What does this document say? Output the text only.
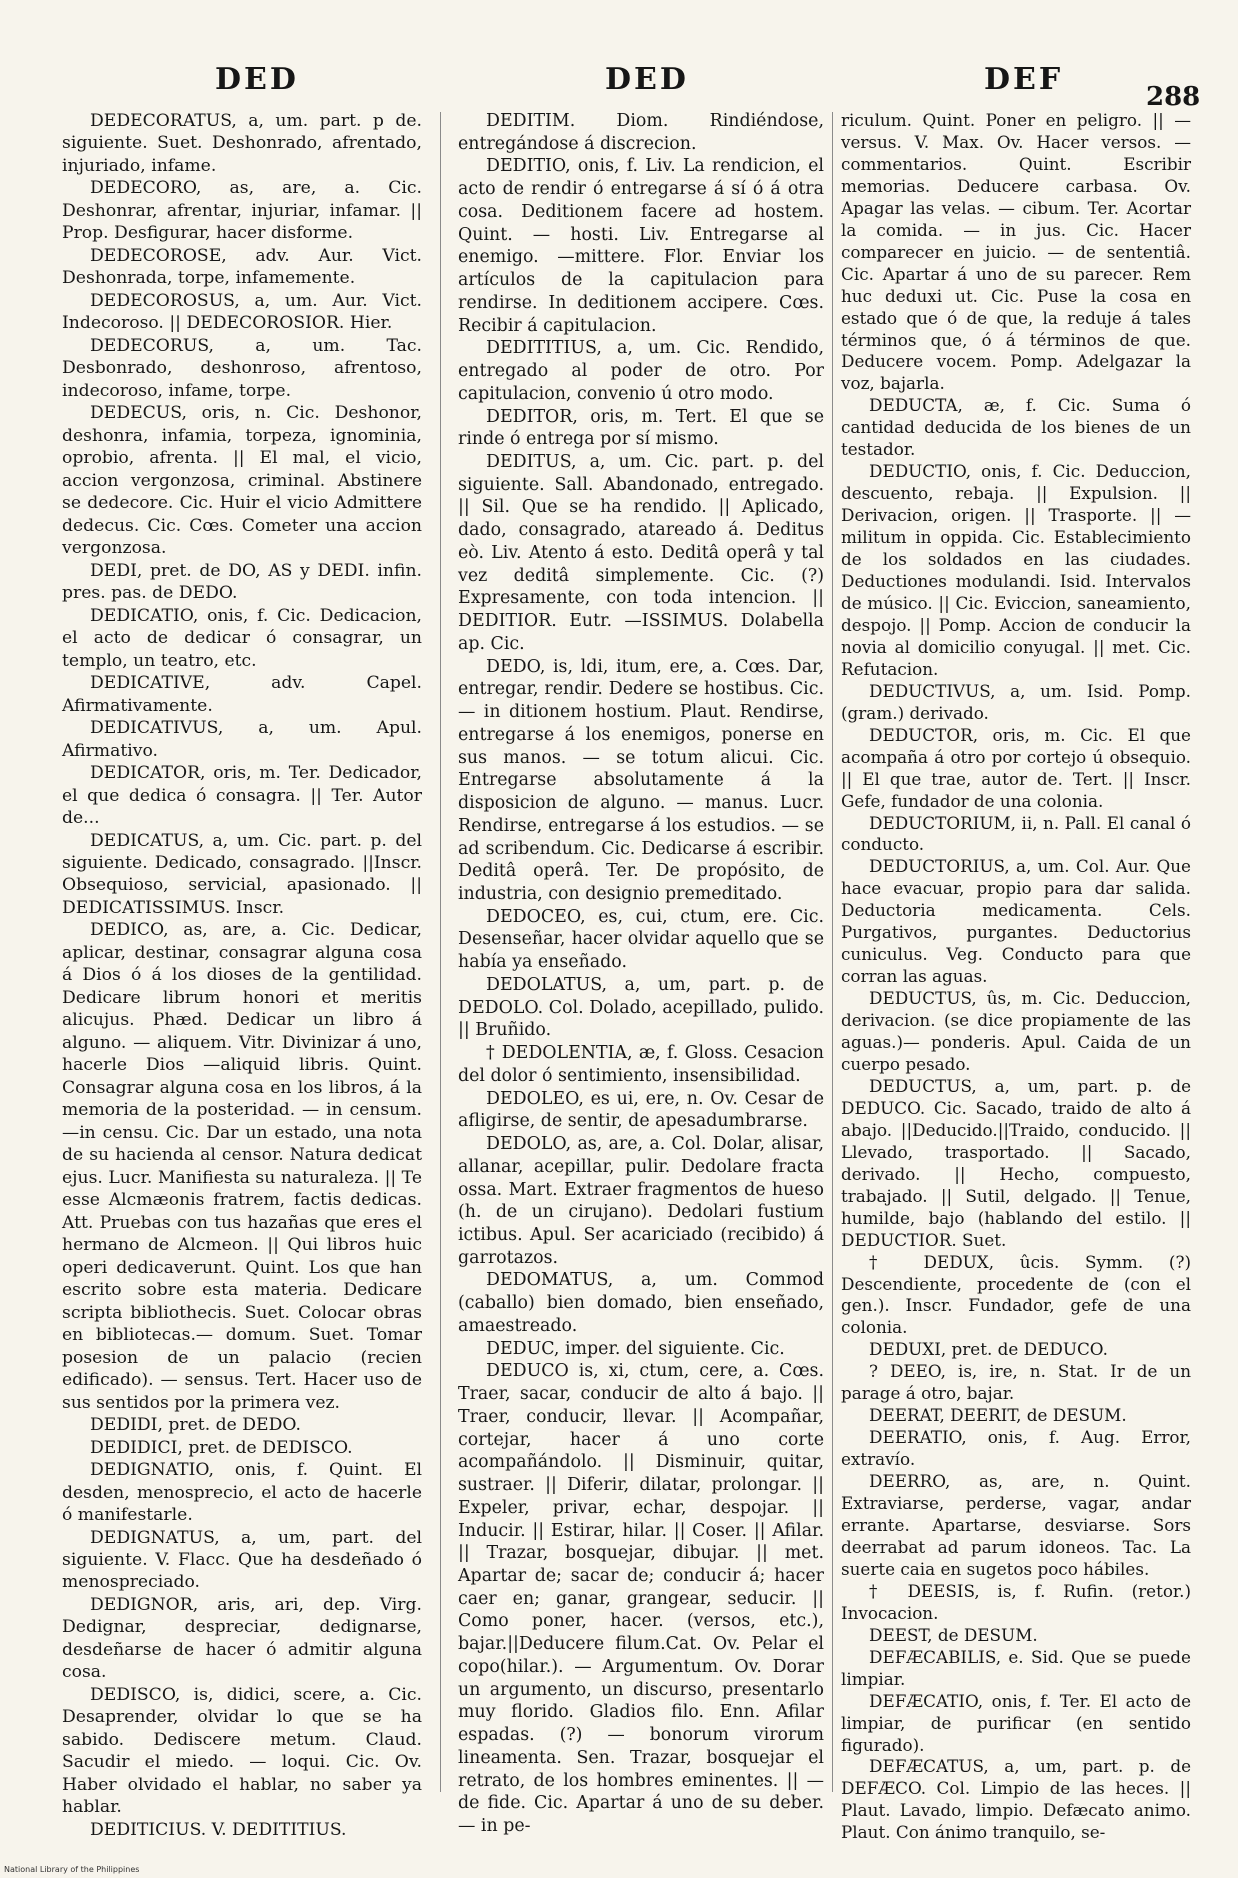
DED	DED	DEF	288

DEDECORATUS, a, um. part. p de. siguiente. Suet. Deshonrado, afrentado, injuriado, infame.

DEDECORO, as, are, a. Cic. Deshonrar, afrentar, injuriar, infamar. || Prop. Desfigurar, hacer disforme.

DEDECOROSE, adv. Aur. Vict. Deshonrada, torpe, infamemente.

DEDECOROSUS, a, um. Aur. Vict. Indecoroso. || DEDECOROSIOR. Hier.

DEDECORUS, a, um. Tac. Desbonrado, deshonroso, afrentoso, indecoroso, infame, torpe.

DEDECUS, oris, n. Cic. Deshonor, deshonra, infamia, torpeza, ignominia, oprobio, afrenta. || El mal, el vicio, accion vergonzosa, criminal. Abstinere se dedecore. Cic. Huir el vicio Admittere dedecus. Cic. Cœs. Cometer una accion vergonzosa.

DEDI, pret. de DO, AS y DEDI. infin. pres. pas. de DEDO.

DEDICATIO, onis, f. Cic. Dedicacion, el acto de dedicar ó consagrar, un templo, un teatro, etc.

DEDICATIVE, adv. Capel. Afirmativamente.

DEDICATIVUS, a, um. Apul. Afirmativo.

DEDICATOR, oris, m. Ter. Dedicador, el que dedica ó consagra. || Ter. Autor de...

DEDICATUS, a, um. Cic. part. p. del siguiente. Dedicado, consagrado. ||Inscr. Obsequioso, servicial, apasionado. || DEDICATISSIMUS. Inscr.

DEDICO, as, are, a. Cic. Dedicar, aplicar, destinar, consagrar alguna cosa á Dios ó á los dioses de la gentilidad. Dedicare librum honori et meritis alicujus. Phæd. Dedicar un libro á alguno. — aliquem. Vitr. Divinizar á uno, hacerle Dios —aliquid libris. Quint. Consagrar alguna cosa en los libros, á la memoria de la posteridad. — in censum. —in censu. Cic. Dar un estado, una nota de su hacienda al censor. Natura dedicat ejus. Lucr. Manifiesta su naturaleza. || Te esse Alcmæonis fratrem, factis dedicas. Att. Pruebas con tus hazañas que eres el hermano de Alcmeon. || Qui libros huic operi dedicaverunt. Quint. Los que han escrito sobre esta materia. Dedicare scripta bibliothecis. Suet. Colocar obras en bibliotecas.— domum. Suet. Tomar posesion de un palacio (recien edificado). — sensus. Tert. Hacer uso de sus sentidos por la primera vez.

DEDIDI, pret. de DEDO.

DEDIDICI, pret. de DEDISCO.

DEDIGNATIO, onis, f. Quint. El desden, menosprecio, el acto de hacerle ó manifestarle.

DEDIGNATUS, a, um, part. del siguiente. V. Flacc. Que ha desdeñado ó menospreciado.

DEDIGNOR, aris, ari, dep. Virg. Dedignar, despreciar, dedignarse, desdeñarse de hacer ó admitir alguna cosa.

DEDISCO, is, didici, scere, a. Cic. Desaprender, olvidar lo que se ha sabido. Dediscere metum. Claud. Sacudir el miedo. — loqui. Cic. Ov. Haber olvidado el hablar, no saber ya hablar.

DEDITICIUS. V. DEDITITIUS.

DEDITIM. Diom. Rindiéndose, entregándose á discrecion.

DEDITIO, onis, f. Liv. La rendicion, el acto de rendir ó entregarse á sí ó á otra cosa. Deditionem facere ad hostem. Quint. — hosti. Liv. Entregarse al enemigo. —mittere. Flor. Enviar los artículos de la capitulacion para rendirse. In deditionem accipere. Cœs. Recibir á capitulacion.

DEDITITIUS, a, um. Cic. Rendido, entregado al poder de otro. Por capitulacion, convenio ú otro modo.

DEDITOR, oris, m. Tert. El que se rinde ó entrega por sí mismo.

DEDITUS, a, um. Cic. part. p. del siguiente. Sall. Abandonado, entregado. || Sil. Que se ha rendido. || Aplicado, dado, consagrado, atareado á. Deditus eò. Liv. Atento á esto. Deditâ operâ y tal vez deditâ simplemente. Cic. (?) Expresamente, con toda intencion. || DEDITIOR. Eutr. —ISSIMUS. Dolabella ap. Cic.

DEDO, is, ldi, itum, ere, a. Cœs. Dar, entregar, rendir. Dedere se hostibus. Cic. — in ditionem hostium. Plaut. Rendirse, entregarse á los enemigos, ponerse en sus manos. — se totum alicui. Cic. Entregarse absolutamente á la disposicion de alguno. — manus. Lucr. Rendirse, entregarse á los estudios. — se ad scribendum. Cic. Dedicarse á escribir. Deditâ operâ. Ter. De propósito, de industria, con designio premeditado.

DEDOCEO, es, cui, ctum, ere. Cic. Desenseñar, hacer olvidar aquello que se había ya enseñado.

DEDOLATUS, a, um, part. p. de DEDOLO. Col. Dolado, acepillado, pulido. || Bruñido.

† DEDOLENTIA, æ, f. Gloss. Cesacion del dolor ó sentimiento, insensibilidad.

DEDOLEO, es ui, ere, n. Ov. Cesar de afligirse, de sentir, de apesadumbrarse.

DEDOLO, as, are, a. Col. Dolar, alisar, allanar, acepillar, pulir. Dedolare fracta ossa. Mart. Extraer fragmentos de hueso (h. de un cirujano). Dedolari fustium ictibus. Apul. Ser acariciado (recibido) á garrotazos.

DEDOMATUS, a, um. Commod (caballo) bien domado, bien enseñado, amaestreado.

DEDUC, imper. del siguiente. Cic.

DEDUCO is, xi, ctum, cere, a. Cœs. Traer, sacar, conducir de alto á bajo. || Traer, conducir, llevar. || Acompañar, cortejar, hacer á uno corte acompañándolo. || Disminuir, quitar, sustraer. || Diferir, dilatar, prolongar. || Expeler, privar, echar, despojar. || Inducir. || Estirar, hilar. || Coser. || Afilar. || Trazar, bosquejar, dibujar. || met. Apartar de; sacar de; conducir á; hacer caer en; ganar, grangear, seducir. || Como poner, hacer. (versos, etc.), bajar.||Deducere filum.Cat. Ov. Pelar el copo(hilar.). — Argumentum. Ov. Dorar un argumento, un discurso, presentarlo muy florido. Gladios filo. Enn. Afilar espadas. (?) — bonorum virorum lineamenta. Sen. Trazar, bosquejar el retrato, de los hombres eminentes. || — de fide. Cic. Apartar á uno de su deber. — in pe-

riculum. Quint. Poner en peligro. || — versus. V. Max. Ov. Hacer versos. — commentarios. Quint. Escribir memorias. Deducere carbasa. Ov. Apagar las velas. — cibum. Ter. Acortar la comida. — in jus. Cic. Hacer comparecer en juicio. — de sententiâ. Cic. Apartar á uno de su parecer. Rem huc deduxi ut. Cic. Puse la cosa en estado que ó de que, la reduje á tales términos que, ó á términos de que. Deducere vocem. Pomp. Adelgazar la voz, bajarla.

DEDUCTA, æ, f. Cic. Suma ó cantidad deducida de los bienes de un testador.

DEDUCTIO, onis, f. Cic. Deduccion, descuento, rebaja. || Expulsion. || Derivacion, origen. || Trasporte. || — militum in oppida. Cic. Establecimiento de los soldados en las ciudades. Deductiones modulandi. Isid. Intervalos de músico. || Cic. Eviccion, saneamiento, despojo. || Pomp. Accion de conducir la novia al domicilio conyugal. || met. Cic. Refutacion.

DEDUCTIVUS, a, um. Isid. Pomp. (gram.) derivado.

DEDUCTOR, oris, m. Cic. El que acompaña á otro por cortejo ú obsequio. || El que trae, autor de. Tert. || Inscr. Gefe, fundador de una colonia.

DEDUCTORIUM, ii, n. Pall. El canal ó conducto.

DEDUCTORIUS, a, um. Col. Aur. Que hace evacuar, propio para dar salida. Deductoria medicamenta. Cels. Purgativos, purgantes. Deductorius cuniculus. Veg. Conducto para que corran las aguas.

DEDUCTUS, ûs, m. Cic. Deduccion, derivacion. (se dice propiamente de las aguas.)— ponderis. Apul. Caida de un cuerpo pesado.

DEDUCTUS, a, um, part. p. de DEDUCO. Cic. Sacado, traido de alto á abajo. ||Deducido.||Traido, conducido. || Llevado, trasportado. || Sacado, derivado. || Hecho, compuesto, trabajado. || Sutil, delgado. || Tenue, humilde, bajo (hablando del estilo. || DEDUCTIOR. Suet.

† DEDUX, ûcis. Symm. (?) Descendiente, procedente de (con el gen.). Inscr. Fundador, gefe de una colonia.

DEDUXI, pret. de DEDUCO.

? DEEO, is, ire, n. Stat. Ir de un parage á otro, bajar.

DEERAT, DEERIT, de DESUM.

DEERATIO, onis, f. Aug. Error, extravío.

DEERRO, as, are, n. Quint. Extraviarse, perderse, vagar, andar errante. Apartarse, desviarse. Sors deerrabat ad parum idoneos. Tac. La suerte caia en sugetos poco hábiles.

† DEESIS, is, f. Rufin. (retor.) Invocacion.

DEEST, de DESUM.

DEFÆCABILIS, e. Sid. Que se puede limpiar.

DEFÆCATIO, onis, f. Ter. El acto de limpiar, de purificar (en sentido figurado).

DEFÆCATUS, a, um, part. p. de DEFÆCO. Col. Limpio de las heces. || Plaut. Lavado, limpio. Defæcato animo. Plaut. Con ánimo tranquilo, se-

National Library of the Philippines
